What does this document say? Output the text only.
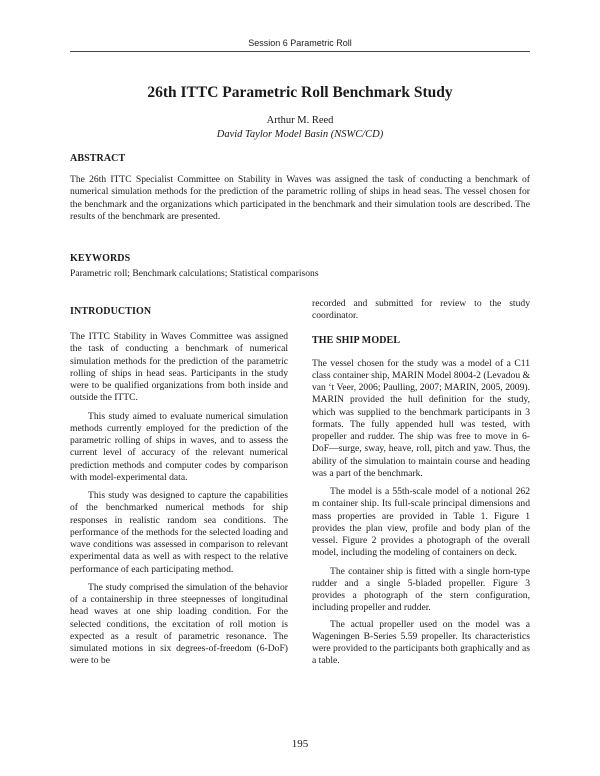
Session 6 Parametric Roll
26th ITTC Parametric Roll Benchmark Study
Arthur M. Reed
David Taylor Model Basin (NSWC/CD)
ABSTRACT
The 26th ITTC Specialist Committee on Stability in Waves was assigned the task of conducting a benchmark of numerical simulation methods for the prediction of the parametric rolling of ships in head seas. The vessel chosen for the benchmark and the organizations which participated in the benchmark and their simulation tools are described. The results of the benchmark are presented.
KEYWORDS
Parametric roll; Benchmark calculations; Statistical comparisons
INTRODUCTION
The ITTC Stability in Waves Committee was assigned the task of conducting a benchmark of numerical simulation methods for the prediction of the parametric rolling of ships in head seas. Participants in the study were to be qualified organizations from both inside and outside the ITTC.
This study aimed to evaluate numerical simulation methods currently employed for the prediction of the parametric rolling of ships in waves, and to assess the current level of accuracy of the relevant numerical prediction methods and computer codes by comparison with model-experimental data.
This study was designed to capture the capabilities of the benchmarked numerical methods for ship responses in realistic random sea conditions. The performance of the methods for the selected loading and wave conditions was assessed in comparison to relevant experimental data as well as with respect to the relative performance of each participating method.
The study comprised the simulation of the behavior of a containership in three steepnesses of longitudinal head waves at one ship loading condition. For the selected conditions, the excitation of roll motion is expected as a result of parametric resonance. The simulated motions in six degrees-of-freedom (6-DoF) were to be
recorded and submitted for review to the study coordinator.
THE SHIP MODEL
The vessel chosen for the study was a model of a C11 class container ship, MARIN Model 8004-2 (Levadou & van ‘t Veer, 2006; Paulling, 2007; MARIN, 2005, 2009). MARIN provided the hull definition for the study, which was supplied to the benchmark participants in 3 formats. The fully appended hull was tested, with propeller and rudder. The ship was free to move in 6-DoF—surge, sway, heave, roll, pitch and yaw. Thus, the ability of the simulation to maintain course and heading was a part of the benchmark.
The model is a 55th-scale model of a notional 262 m container ship. Its full-scale principal dimensions and mass properties are provided in Table 1. Figure 1 provides the plan view, profile and body plan of the vessel. Figure 2 provides a photograph of the overall model, including the modeling of containers on deck.
The container ship is fitted with a single horn-type rudder and a single 5-bladed propeller. Figure 3 provides a photograph of the stern configuration, including propeller and rudder.
The actual propeller used on the model was a Wageningen B-Series 5.59 propeller. Its characteristics were provided to the participants both graphically and as a table.
195
